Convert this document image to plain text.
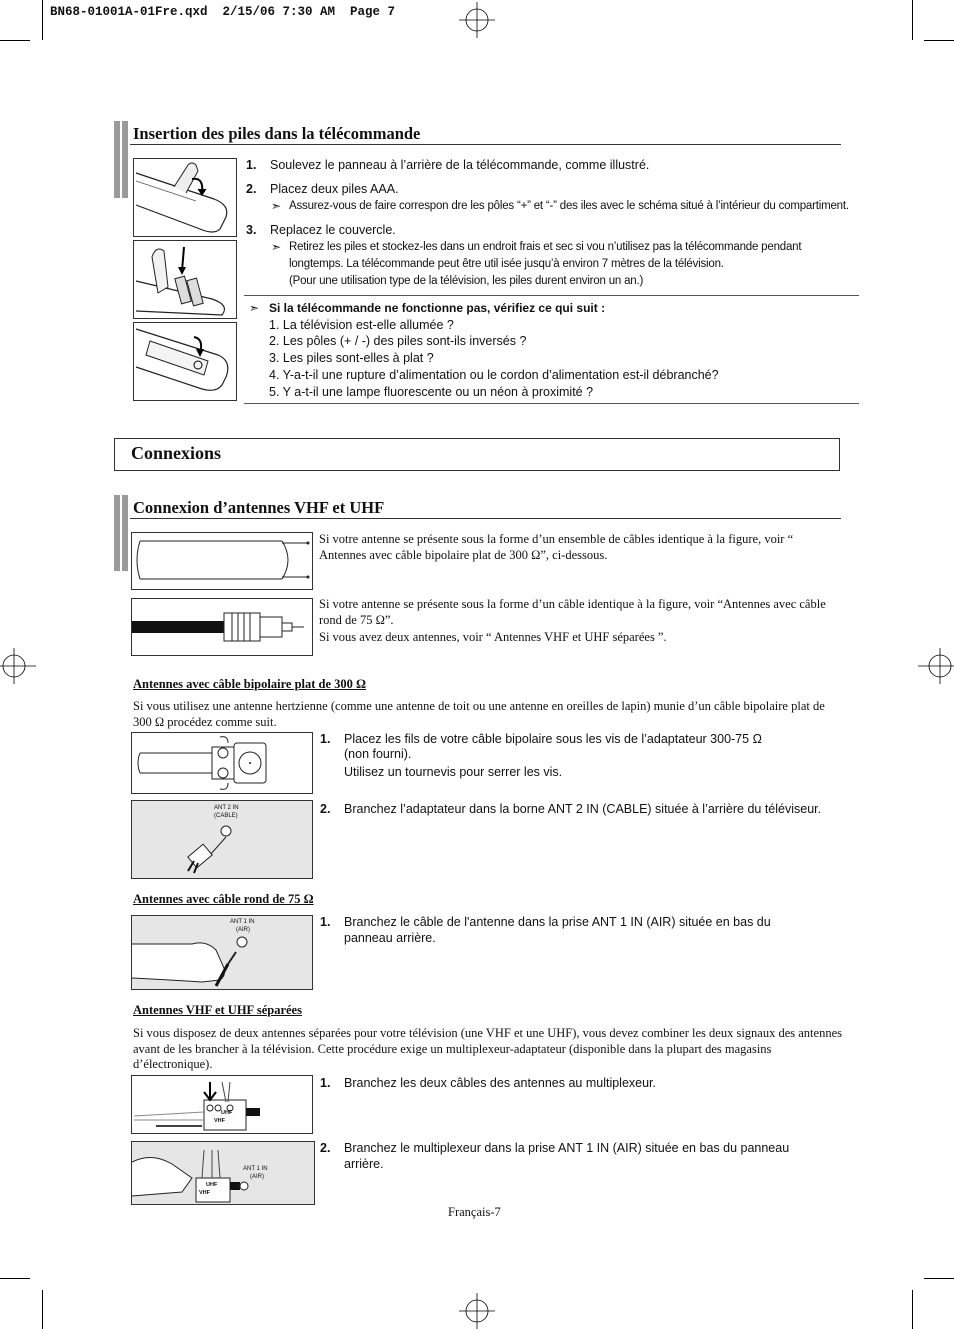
BN68-01001A-01Fre.qxd  2/15/06 7:30 AM  Page 7
Insertion des piles dans la télécommande
1. Soulevez le panneau à l’arrière de la télécommande, comme illustré.
2. Placez deux piles AAA.
➣ Assurez-vous de faire correspon dre les pôles “+” et “-” des iles avec le schéma situé à l’intérieur du compartiment.
3. Replacez le couvercle.
➣ Retirez les piles et stockez-les dans un endroit frais et sec si vou n’utilisez pas la télécommande pendant
longtemps. La télécommande peut être util isée jusqu’à environ 7 mètres de la télévision.
(Pour une utilisation type de la télévision, les piles durent environ un an.)
➣ Si la télécommande ne fonctionne pas, vérifiez ce qui suit :
1. La télévision est-elle allumée ?
2. Les pôles (+ / -) des piles sont-ils inversés ?
3. Les piles sont-elles à plat ?
4. Y-a-t-il une rupture d’alimentation ou le cordon d’alimentation est-il débranché?
5. Y a-t-il une lampe fluorescente ou un néon à proximité ?
Connexions
Connexion d’antennes VHF et UHF
Si votre antenne se présente sous la forme d’un ensemble de câbles identique à la figure, voir “ Antennes avec câble bipolaire plat de 300 Ω”, ci-dessous.
Si votre antenne se présente sous la forme d’un câble identique à la figure, voir “Antennes avec câble rond de 75 Ω”.
Si vous avez deux antennes, voir “ Antennes VHF et UHF séparées ”.
Antennes avec câble bipolaire plat de 300 Ω
Si vous utilisez une antenne hertzienne (comme une antenne de toit ou une antenne en oreilles de lapin) munie d’un câble bipolaire plat de 300 Ω procédez comme suit.
1. Placez les fils de votre câble bipolaire sous les vis de l’adaptateur 300-75 Ω
(non fourni).
Utilisez un tournevis pour serrer les vis.
ANT 2 IN
(CABLE)	2. Branchez l’adaptateur dans la borne ANT 2 IN (CABLE) située à l’arrière du téléviseur.
Antennes avec câble rond de 75 Ω
ANT 1 IN
(AIR)
1. Branchez le câble de l'antenne dans la prise ANT 1 IN (AIR) située en bas du panneau arrière.
Antennes VHF et UHF séparées
Si vous disposez de deux antennes séparées pour votre télévision (une VHF et une UHF), vous devez combiner les deux signaux des antennes avant de les brancher à la télévision. Cette procédure exige un multiplexeur-adaptateur (disponible dans la plupart des magasins d’électronique).
UHF
VHF
1. Branchez les deux câbles des antennes au multiplexeur.
ANT 1 IN
(AIR)
UHF
VHF
2. Branchez le multiplexeur dans la prise ANT 1 IN (AIR) située en bas du panneau arrière.
Français-7
